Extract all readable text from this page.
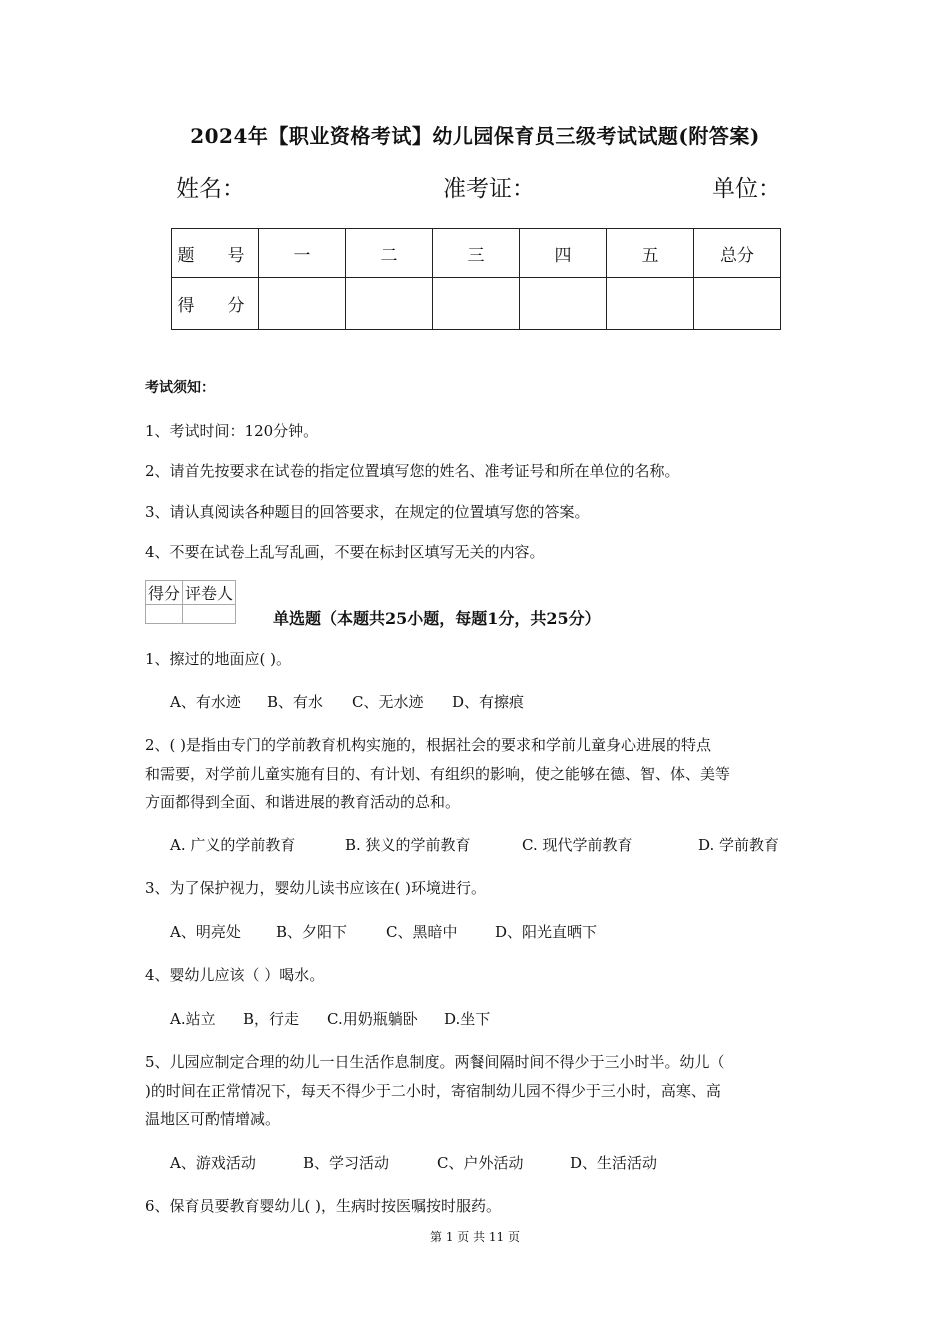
2024年【职业资格考试】幼儿园保育员三级考试试题(附答案)
姓名：	准考证：	单位：
题　号	一	二	三	四	五	总分
得　分						
考试须知：
1、考试时间：120分钟。
2、请首先按要求在试卷的指定位置填写您的姓名、准考证号和所在单位的名称。
3、请认真阅读各种题目的回答要求，在规定的位置填写您的答案。
4、不要在试卷上乱写乱画，不要在标封区填写无关的内容。
得分	评卷人

单选题（本题共25小题，每题1分，共25分）
1、擦过的地面应( )。
A、有水迹 B、有水 C、无水迹 D、有擦痕
2、( )是指由专门的学前教育机构实施的，根据社会的要求和学前儿童身心进展的特点
和需要，对学前儿童实施有目的、有计划、有组织的影响，使之能够在德、智、体、美等
方面都得到全面、和谐进展的教育活动的总和。
A. 广义的学前教育	B. 狭义的学前教育	C. 现代学前教育	D. 学前教育
3、为了保护视力，婴幼儿读书应该在( )环境进行。
A、明亮处 B、夕阳下	C、黑暗中	D、阳光直晒下
4、婴幼儿应该（ ）喝水。
A.站立 B，行走 C.用奶瓶躺卧 D.坐下
5、儿园应制定合理的幼儿一日生活作息制度。两餐间隔时间不得少于三小时半。幼儿（
)的时间在正常情况下，每天不得少于二小时，寄宿制幼儿园不得少于三小时，高寒、高
温地区可酌情增减。
A、游戏活动	B、学习活动	C、户外活动	D、生活活动
6、保育员要教育婴幼儿( )，生病时按医嘱按时服药。
第 1 页 共 11 页
